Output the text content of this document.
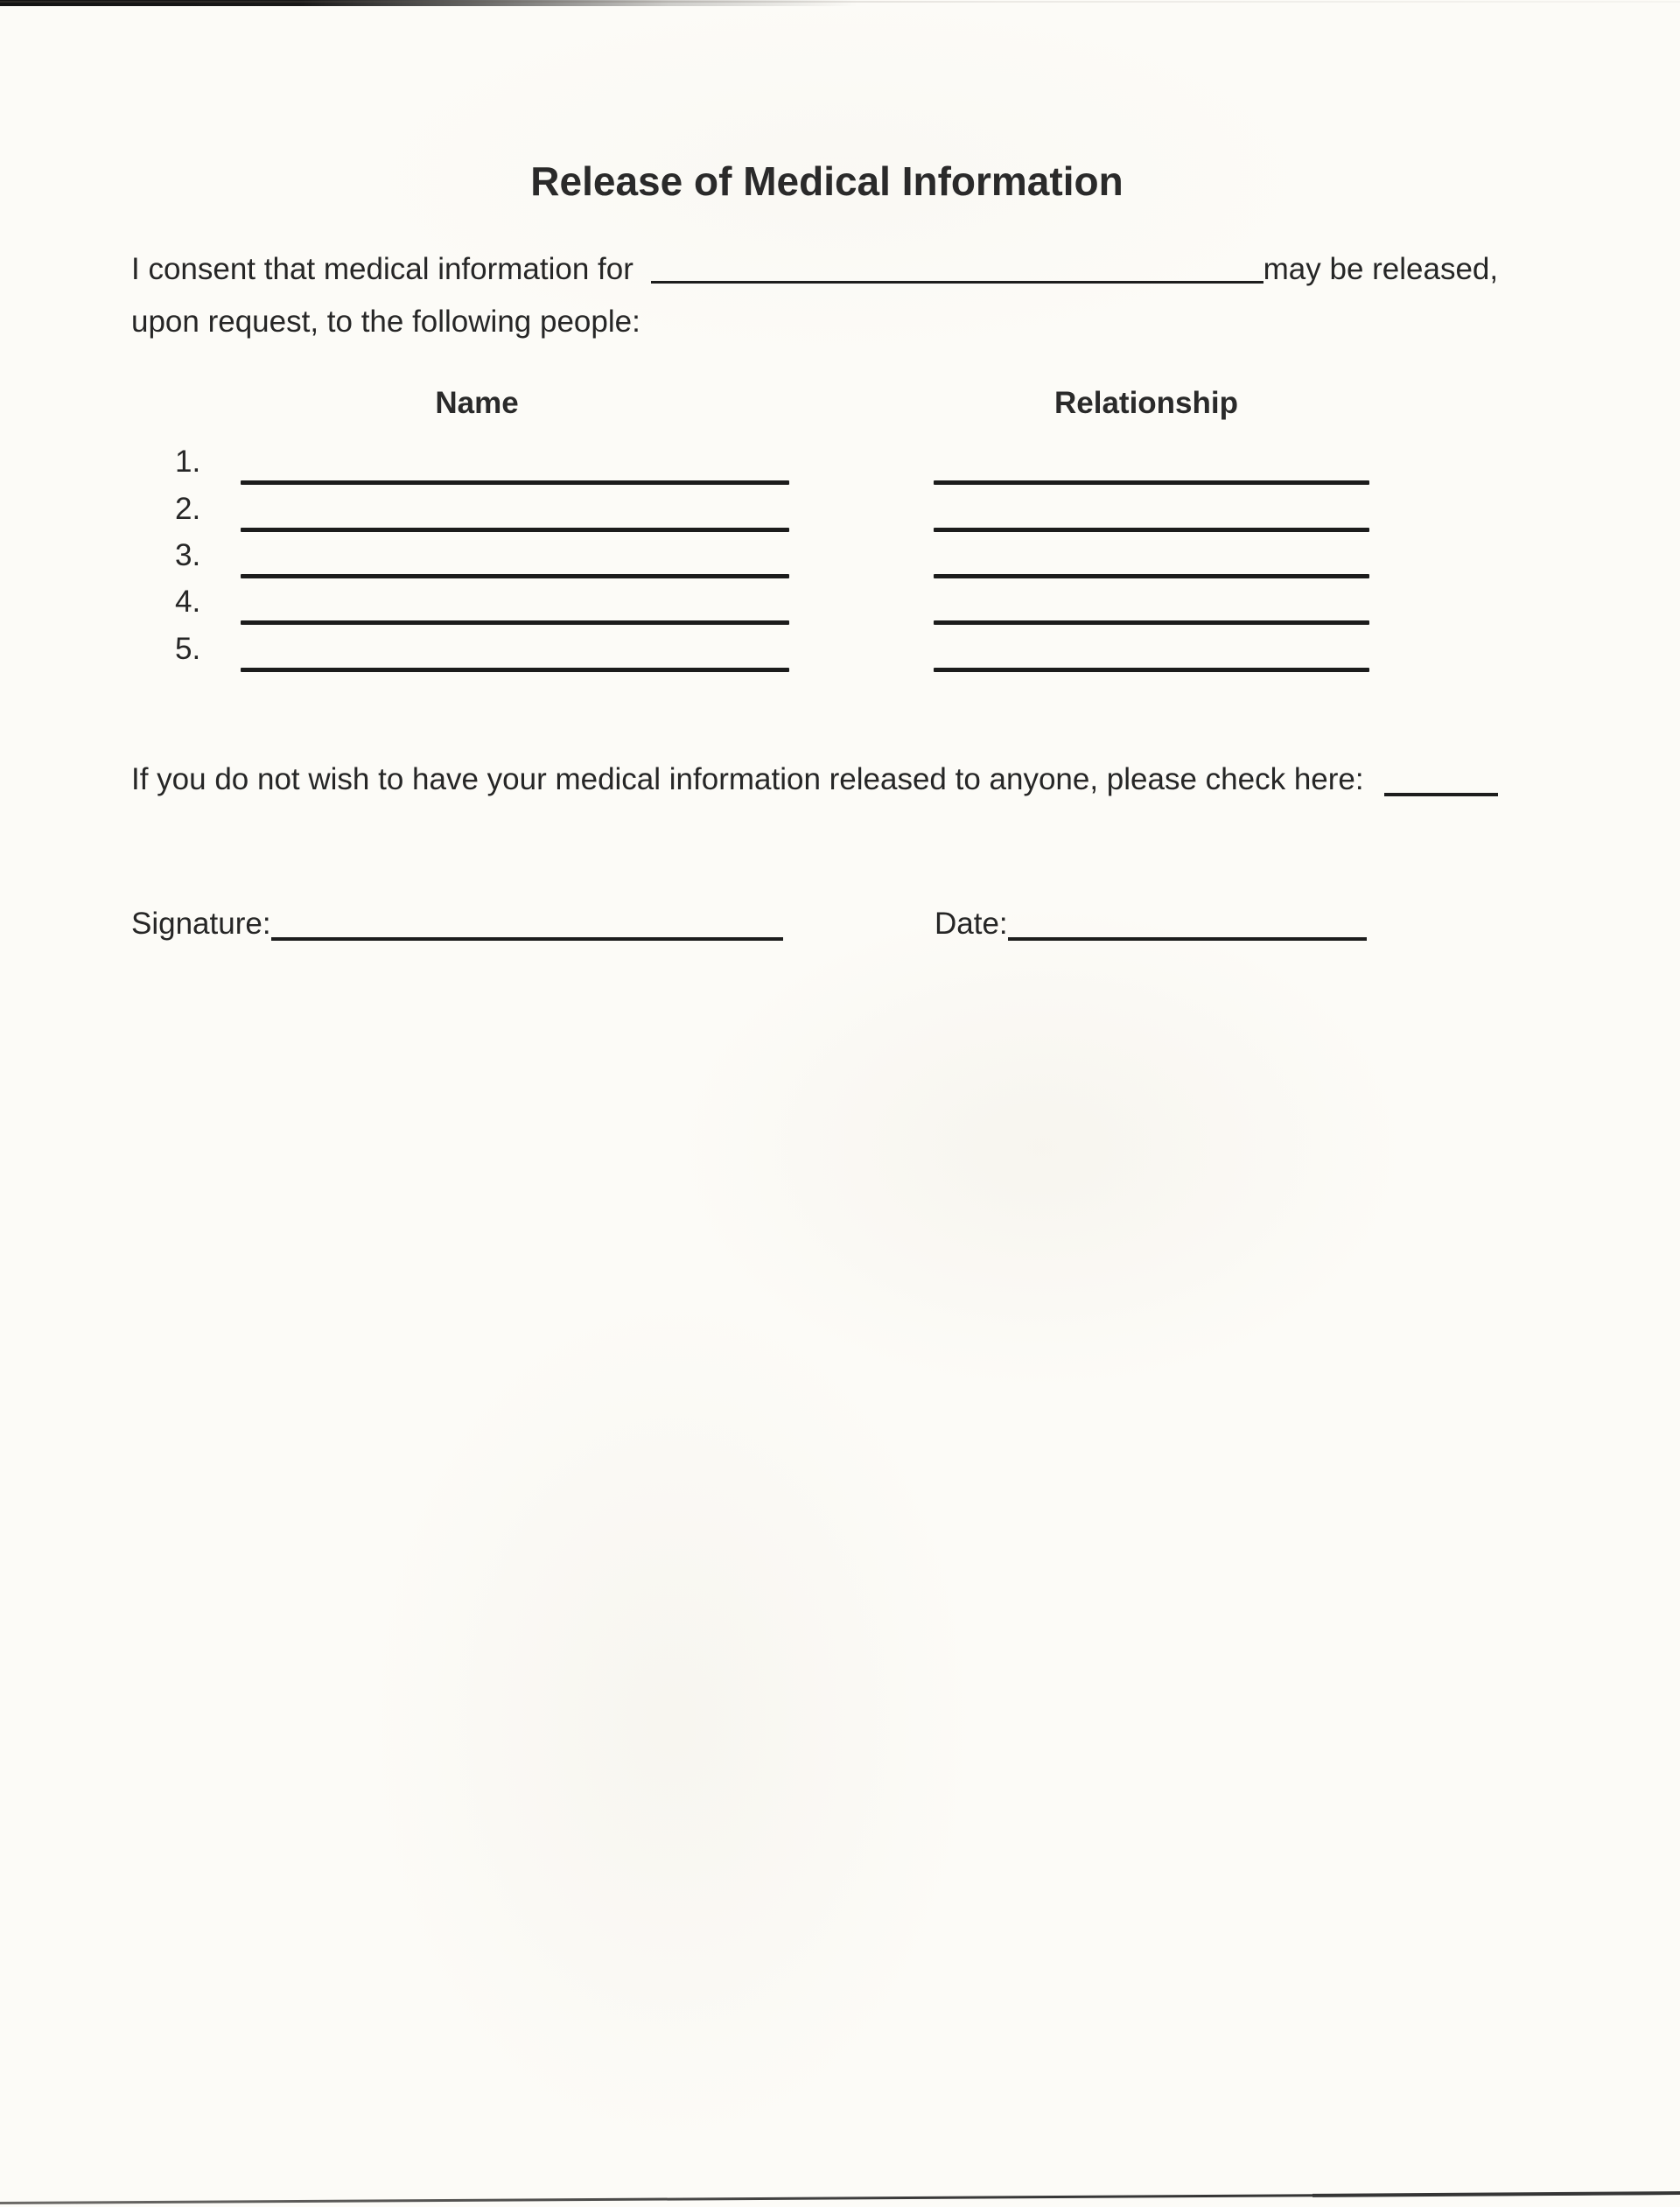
Release of Medical Information
I consent that medical information for	may be released,
upon request, to the following people:
Name	Relationship
1.
2.
3.
4.
5.
If you do not wish to have your medical information released to anyone, please check here:
Signature:	Date:
